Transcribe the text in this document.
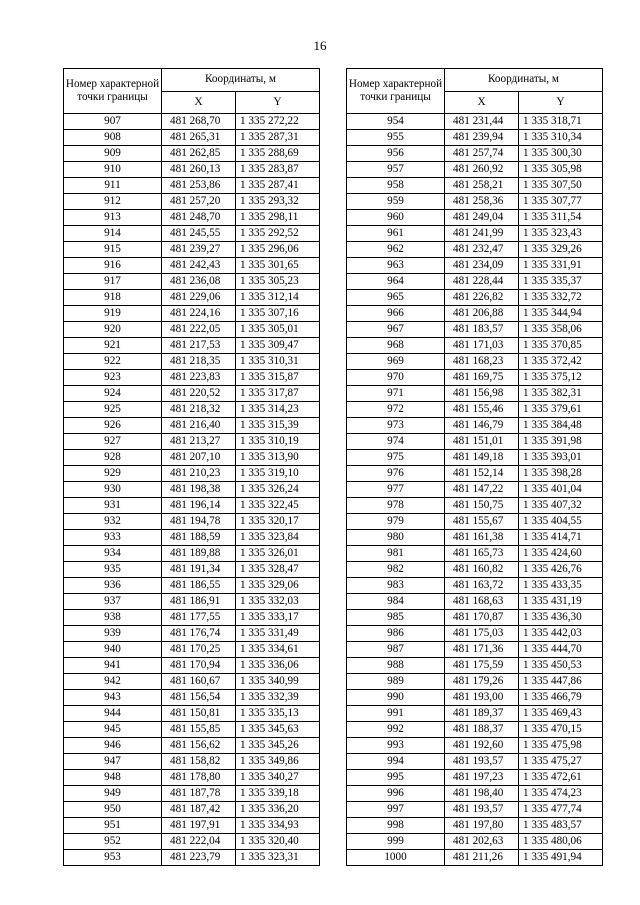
16
Номер характерной точки границы	Координаты, м	
	X	Y
907	481 268,70	1 335 272,22
908	481 265,31	1 335 287,31
909	481 262,85	1 335 288,69
910	481 260,13	1 335 283,87
911	481 253,86	1 335 287,41
912	481 257,20	1 335 293,32
913	481 248,70	1 335 298,11
914	481 245,55	1 335 292,52
915	481 239,27	1 335 296,06
916	481 242,43	1 335 301,65
917	481 236,08	1 335 305,23
918	481 229,06	1 335 312,14
919	481 224,16	1 335 307,16
920	481 222,05	1 335 305,01
921	481 217,53	1 335 309,47
922	481 218,35	1 335 310,31
923	481 223,83	1 335 315,87
924	481 220,52	1 335 317,87
925	481 218,32	1 335 314,23
926	481 216,40	1 335 315,39
927	481 213,27	1 335 310,19
928	481 207,10	1 335 313,90
929	481 210,23	1 335 319,10
930	481 198,38	1 335 326,24
931	481 196,14	1 335 322,45
932	481 194,78	1 335 320,17
933	481 188,59	1 335 323,84
934	481 189,88	1 335 326,01
935	481 191,34	1 335 328,47
936	481 186,55	1 335 329,06
937	481 186,91	1 335 332,03
938	481 177,55	1 335 333,17
939	481 176,74	1 335 331,49
940	481 170,25	1 335 334,61
941	481 170,94	1 335 336,06
942	481 160,67	1 335 340,99
943	481 156,54	1 335 332,39
944	481 150,81	1 335 335,13
945	481 155,85	1 335 345,63
946	481 156,62	1 335 345,26
947	481 158,82	1 335 349,86
948	481 178,80	1 335 340,27
949	481 187,78	1 335 339,18
950	481 187,42	1 335 336,20
951	481 197,91	1 335 334,93
952	481 222,04	1 335 320,40
953	481 223,79	1 335 323,31
Номер характерной точки границы	Координаты, м	
	X	Y
954	481 231,44	1 335 318,71
955	481 239,94	1 335 310,34
956	481 257,74	1 335 300,30
957	481 260,92	1 335 305,98
958	481 258,21	1 335 307,50
959	481 258,36	1 335 307,77
960	481 249,04	1 335 311,54
961	481 241,99	1 335 323,43
962	481 232,47	1 335 329,26
963	481 234,09	1 335 331,91
964	481 228,44	1 335 335,37
965	481 226,82	1 335 332,72
966	481 206,88	1 335 344,94
967	481 183,57	1 335 358,06
968	481 171,03	1 335 370,85
969	481 168,23	1 335 372,42
970	481 169,75	1 335 375,12
971	481 156,98	1 335 382,31
972	481 155,46	1 335 379,61
973	481 146,79	1 335 384,48
974	481 151,01	1 335 391,98
975	481 149,18	1 335 393,01
976	481 152,14	1 335 398,28
977	481 147,22	1 335 401,04
978	481 150,75	1 335 407,32
979	481 155,67	1 335 404,55
980	481 161,38	1 335 414,71
981	481 165,73	1 335 424,60
982	481 160,82	1 335 426,76
983	481 163,72	1 335 433,35
984	481 168,63	1 335 431,19
985	481 170,87	1 335 436,30
986	481 175,03	1 335 442,03
987	481 171,36	1 335 444,70
988	481 175,59	1 335 450,53
989	481 179,26	1 335 447,86
990	481 193,00	1 335 466,79
991	481 189,37	1 335 469,43
992	481 188,37	1 335 470,15
993	481 192,60	1 335 475,98
994	481 193,57	1 335 475,27
995	481 197,23	1 335 472,61
996	481 198,40	1 335 474,23
997	481 193,57	1 335 477,74
998	481 197,80	1 335 483,57
999	481 202,63	1 335 480,06
1000	481 211,26	1 335 491,94
